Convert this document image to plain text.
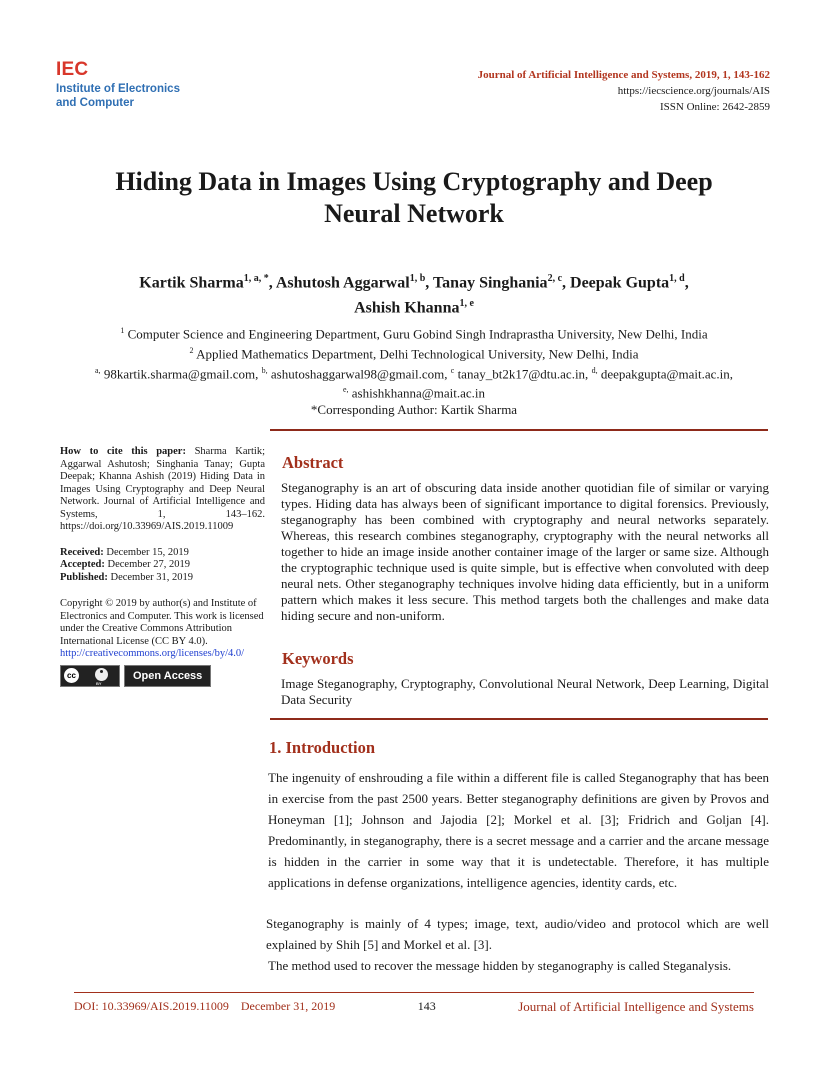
IEC
Institute of Electronics
and Computer
Journal of Artificial Intelligence and Systems, 2019, 1, 143-162
https://iecscience.org/journals/AIS
ISSN Online: 2642-2859
Hiding Data in Images Using Cryptography and Deep
Neural Network
Kartik Sharma$^{1, a, *}$, Ashutosh Aggarwal$^{1, b}$, Tanay Singhania$^{2, c}$, Deepak Gupta$^{1, d}$,
Ashish Khanna$^{1, e}$
$^1$ Computer Science and Engineering Department, Guru Gobind Singh Indraprastha University, New Delhi, India
$^2$ Applied Mathematics Department, Delhi Technological University, New Delhi, India
$^{a,}$ 98kartik.sharma@gmail.com, $^{b,}$ ashutoshaggarwal98@gmail.com, $^c$ tanay_bt2k17@dtu.ac.in, $^{d,}$ deepakgupta@mait.ac.in,
$^{e,}$ ashishkhanna@mait.ac.in
*Corresponding Author: Kartik Sharma

How to cite this paper: Sharma Kartik; Aggarwal Ashutosh; Singhania Tanay; Gupta Deepak; Khanna Ashish (2019) Hiding Data in Images Using Cryptography and Deep Neural Network. Journal of Artificial Intelligence and Systems, 1, 143–162. https://doi.org/10.33969/AIS.2019.11009

Received: December 15, 2019
Accepted: December 27, 2019
Published: December 31, 2019

Copyright © 2019 by author(s) and Institute of Electronics and Computer. This work is licensed under the Creative Commons Attribution International License (CC BY 4.0).

http://creativecommons.org/licenses/by/4.0/

cc
BY
Open Access
Abstract
Steganography is an art of obscuring data inside another quotidian file of similar or varying types. Hiding data has always been of significant importance to digital forensics. Previously, steganography has been combined with cryptography and neural networks separately. Whereas, this research combines steganography, cryptography with the neural networks all together to hide an image inside another container image of the larger or same size. Although the cryptographic technique used is quite simple, but is effective when convoluted with deep neural nets. Other steganography techniques involve hiding data efficiently, but in a uniform pattern which makes it less secure. This method targets both the challenges and make data hiding secure and non-uniform.
Keywords
Image Steganography, Cryptography, Convolutional Neural Network, Deep Learning, Digital Data Security
1. Introduction
The ingenuity of enshrouding a file within a different file is called Steganography that has been in exercise from the past 2500 years. Better steganography definitions are given by Provos and Honeyman [1]; Johnson and Jajodia [2]; Morkel et al. [3]; Fridrich and Goljan [4]. Predominantly, in steganography, there is a secret message and a carrier and the arcane message is hidden in the carrier in some way that it is undetectable. Therefore, it has multiple applications in defense organizations, intelligence agencies, identity cards, etc.
Steganography is mainly of 4 types; image, text, audio/video and protocol which are well explained by Shih [5] and Morkel et al. [3].
The method used to recover the message hidden by steganography is called Steganalysis.
DOI: 10.33969/AIS.2019.11009 December 31, 2019	143	Journal of Artificial Intelligence and Systems
